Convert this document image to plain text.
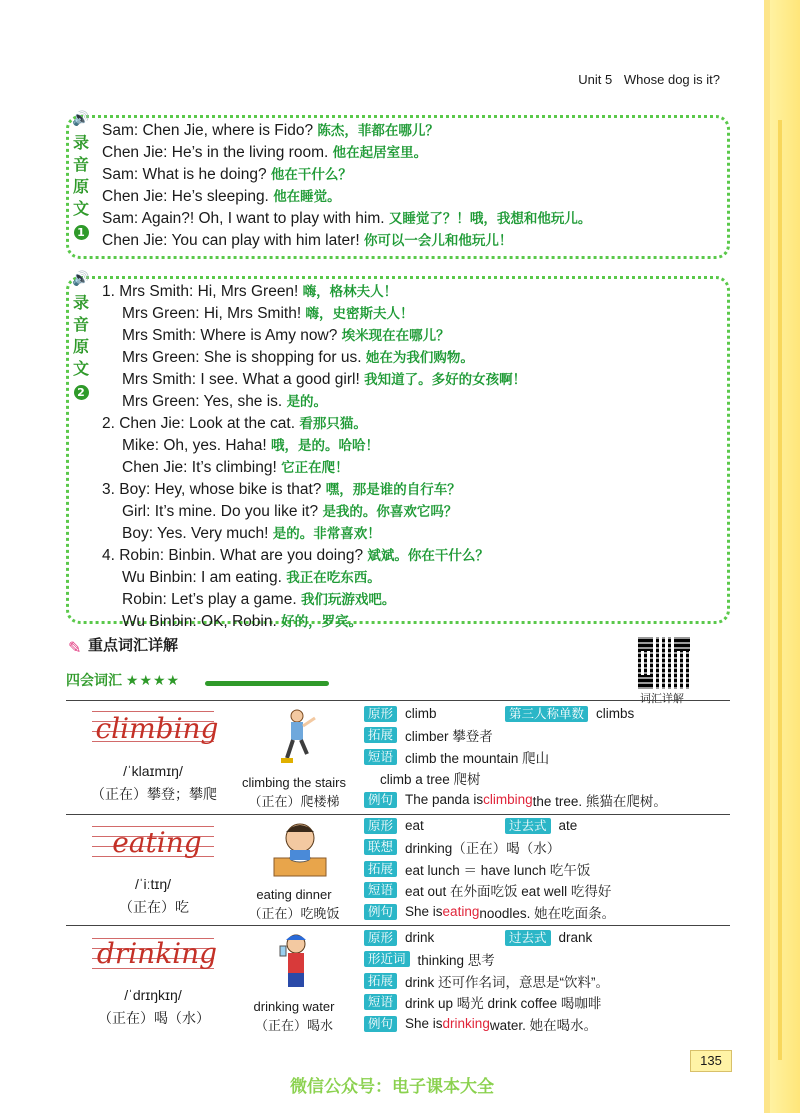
Unit 5 Whose dog is it?
🔊
录
音
原
文
1
Sam: Chen Jie, where is Fido? 陈杰，菲都在哪儿？
Chen Jie: He’s in the living room. 他在起居室里。
Sam: What is he doing? 他在干什么？
Chen Jie: He’s sleeping. 他在睡觉。
Sam: Again?! Oh, I want to play with him. 又睡觉了？！哦，我想和他玩儿。
Chen Jie: You can play with him later! 你可以一会儿和他玩儿！
🔊
录
音
原
文
2
1. Mrs Smith: Hi, Mrs Green! 嗨，格林夫人！
Mrs Green: Hi, Mrs Smith! 嗨，史密斯夫人！
Mrs Smith: Where is Amy now? 埃米现在在哪儿？
Mrs Green: She is shopping for us. 她在为我们购物。
Mrs Smith: I see. What a good girl! 我知道了。多好的女孩啊！
Mrs Green: Yes, she is. 是的。
2. Chen Jie: Look at the cat. 看那只猫。
Mike: Oh, yes. Haha! 哦，是的。哈哈！
Chen Jie: It’s climbing! 它正在爬！
3. Boy: Hey, whose bike is that? 嘿，那是谁的自行车？
Girl: It’s mine. Do you like it? 是我的。你喜欢它吗？
Boy: Yes. Very much! 是的。非常喜欢！
4. Robin: Binbin. What are you doing? 斌斌。你在干什么？
Wu Binbin: I am eating. 我正在吃东西。
Robin: Let’s play a game. 我们玩游戏吧。
Wu Binbin: OK, Robin. 好的，罗宾。
✎ 重点词汇详解
四会词汇 ★★★★
词汇详解
climbing
/ˈklaɪmɪŋ/
（正在）攀登；攀爬
climbing the stairs
（正在）爬楼梯
原形 climb	第三人称单数 climbs
拓展 climber 攀登者
短语 climb the mountain 爬山
climb a tree 爬树
例句 The panda is climbing the tree. 熊猫在爬树。
eating
/ˈiːtɪŋ/
（正在）吃
eating dinner
（正在）吃晚饭
原形 eat	过去式 ate
联想 drinking（正在）喝（水）
拓展 eat lunch ＝ have lunch 吃午饭
短语 eat out 在外面吃饭 eat well 吃得好
例句 She is eating noodles. 她在吃面条。
drinking
/ˈdrɪŋkɪŋ/
（正在）喝（水）
drinking water
（正在）喝水
原形 drink	过去式 drank
形近词 thinking 思考
拓展 drink 还可作名词，意思是“饮料”。
短语 drink up 喝光 drink coffee 喝咖啡
例句 She is drinking water. 她在喝水。
135
微信公众号：电子课本大全
